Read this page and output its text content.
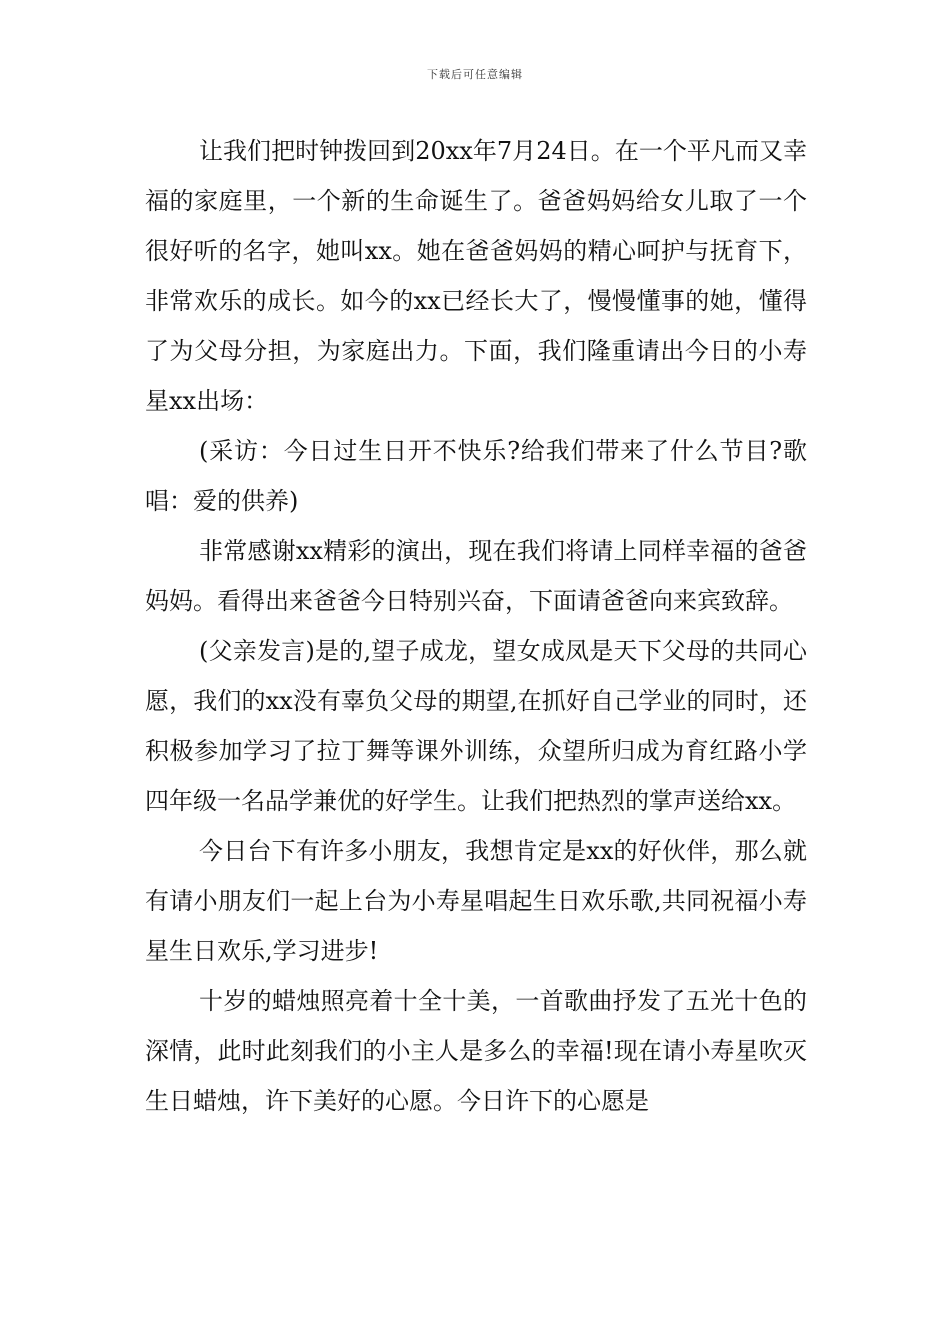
下载后可任意编辑

让我们把时钟拨回到20xx年7月24日。在一个平凡而又幸福的家庭里，一个新的生命诞生了。爸爸妈妈给女儿取了一个很好听的名字，她叫xx。她在爸爸妈妈的精心呵护与抚育下，非常欢乐的成长。如今的xx已经长大了，慢慢懂事的她，懂得了为父母分担，为家庭出力。下面，我们隆重请出今日的小寿星xx出场：

(采访：今日过生日开不快乐?给我们带来了什么节目?歌唱：爱的供养)

非常感谢xx精彩的演出，现在我们将请上同样幸福的爸爸妈妈。看得出来爸爸今日特别兴奋，下面请爸爸向来宾致辞。

(父亲发言)是的,望子成龙，望女成凤是天下父母的共同心愿，我们的xx没有辜负父母的期望,在抓好自己学业的同时，还积极参加学习了拉丁舞等课外训练，众望所归成为育红路小学四年级一名品学兼优的好学生。让我们把热烈的掌声送给xx。

今日台下有许多小朋友，我想肯定是xx的好伙伴，那么就有请小朋友们一起上台为小寿星唱起生日欢乐歌,共同祝福小寿星生日欢乐,学习进步!

十岁的蜡烛照亮着十全十美，一首歌曲抒发了五光十色的深情，此时此刻我们的小主人是多么的幸福!现在请小寿星吹灭生日蜡烛，许下美好的心愿。今日许下的心愿是
